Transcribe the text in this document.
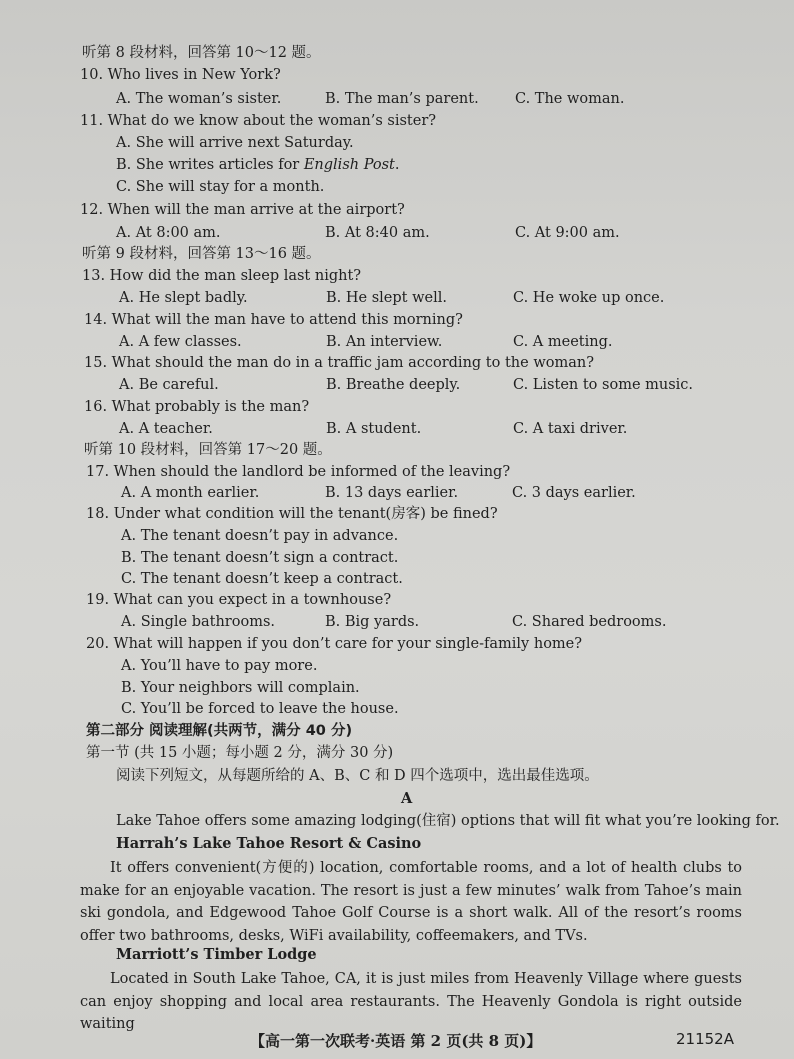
听第 8 段材料，回答第 10～12 题。
10. Who lives in New York?
A. The woman’s sister.	B. The man’s parent.	C. The woman.
11. What do we know about the woman’s sister?
A. She will arrive next Saturday.
B. She writes articles for English Post.
C. She will stay for a month.
12. When will the man arrive at the airport?
A. At 8:00 am.	B. At 8:40 am.	C. At 9:00 am.
听第 9 段材料，回答第 13～16 题。
13. How did the man sleep last night?
A. He slept badly.	B. He slept well.	C. He woke up once.
14. What will the man have to attend this morning?
A. A few classes.	B. An interview.	C. A meeting.
15. What should the man do in a traffic jam according to the woman?
A. Be careful.	B. Breathe deeply.	C. Listen to some music.
16. What probably is the man?
A. A teacher.	B. A student.	C. A taxi driver.
听第 10 段材料，回答第 17～20 题。
17. When should the landlord be informed of the leaving?
A. A month earlier.	B. 13 days earlier.	C. 3 days earlier.
18. Under what condition will the tenant(房客) be fined?
A. The tenant doesn’t pay in advance.
B. The tenant doesn’t sign a contract.
C. The tenant doesn’t keep a contract.
19. What can you expect in a townhouse?
A. Single bathrooms.	B. Big yards.	C. Shared bedrooms.
20. What will happen if you don’t care for your single-family home?
A. You’ll have to pay more.
B. Your neighbors will complain.
C. You’ll be forced to leave the house.
第二部分 阅读理解(共两节，满分 40 分)
第一节 (共 15 小题；每小题 2 分，满分 30 分)
阅读下列短文，从每题所给的 A、B、C 和 D 四个选项中，选出最佳选项。
A
Lake Tahoe offers some amazing lodging(住宿) options that will fit what you’re looking for.
Harrah’s Lake Tahoe Resort & Casino
It offers convenient(方便的) location, comfortable rooms, and a lot of health clubs to make for an enjoyable vacation. The resort is just a few minutes’ walk from Tahoe’s main ski gondola, and Edgewood Tahoe Golf Course is a short walk. All of the resort’s rooms offer two bathrooms, desks, WiFi availability, coffeemakers, and TVs.
Marriott’s Timber Lodge
Located in South Lake Tahoe, CA, it is just miles from Heavenly Village where guests can enjoy shopping and local area restaurants. The Heavenly Gondola is right outside waiting
【高一第一次联考·英语 第 2 页(共 8 页)】	21152A
